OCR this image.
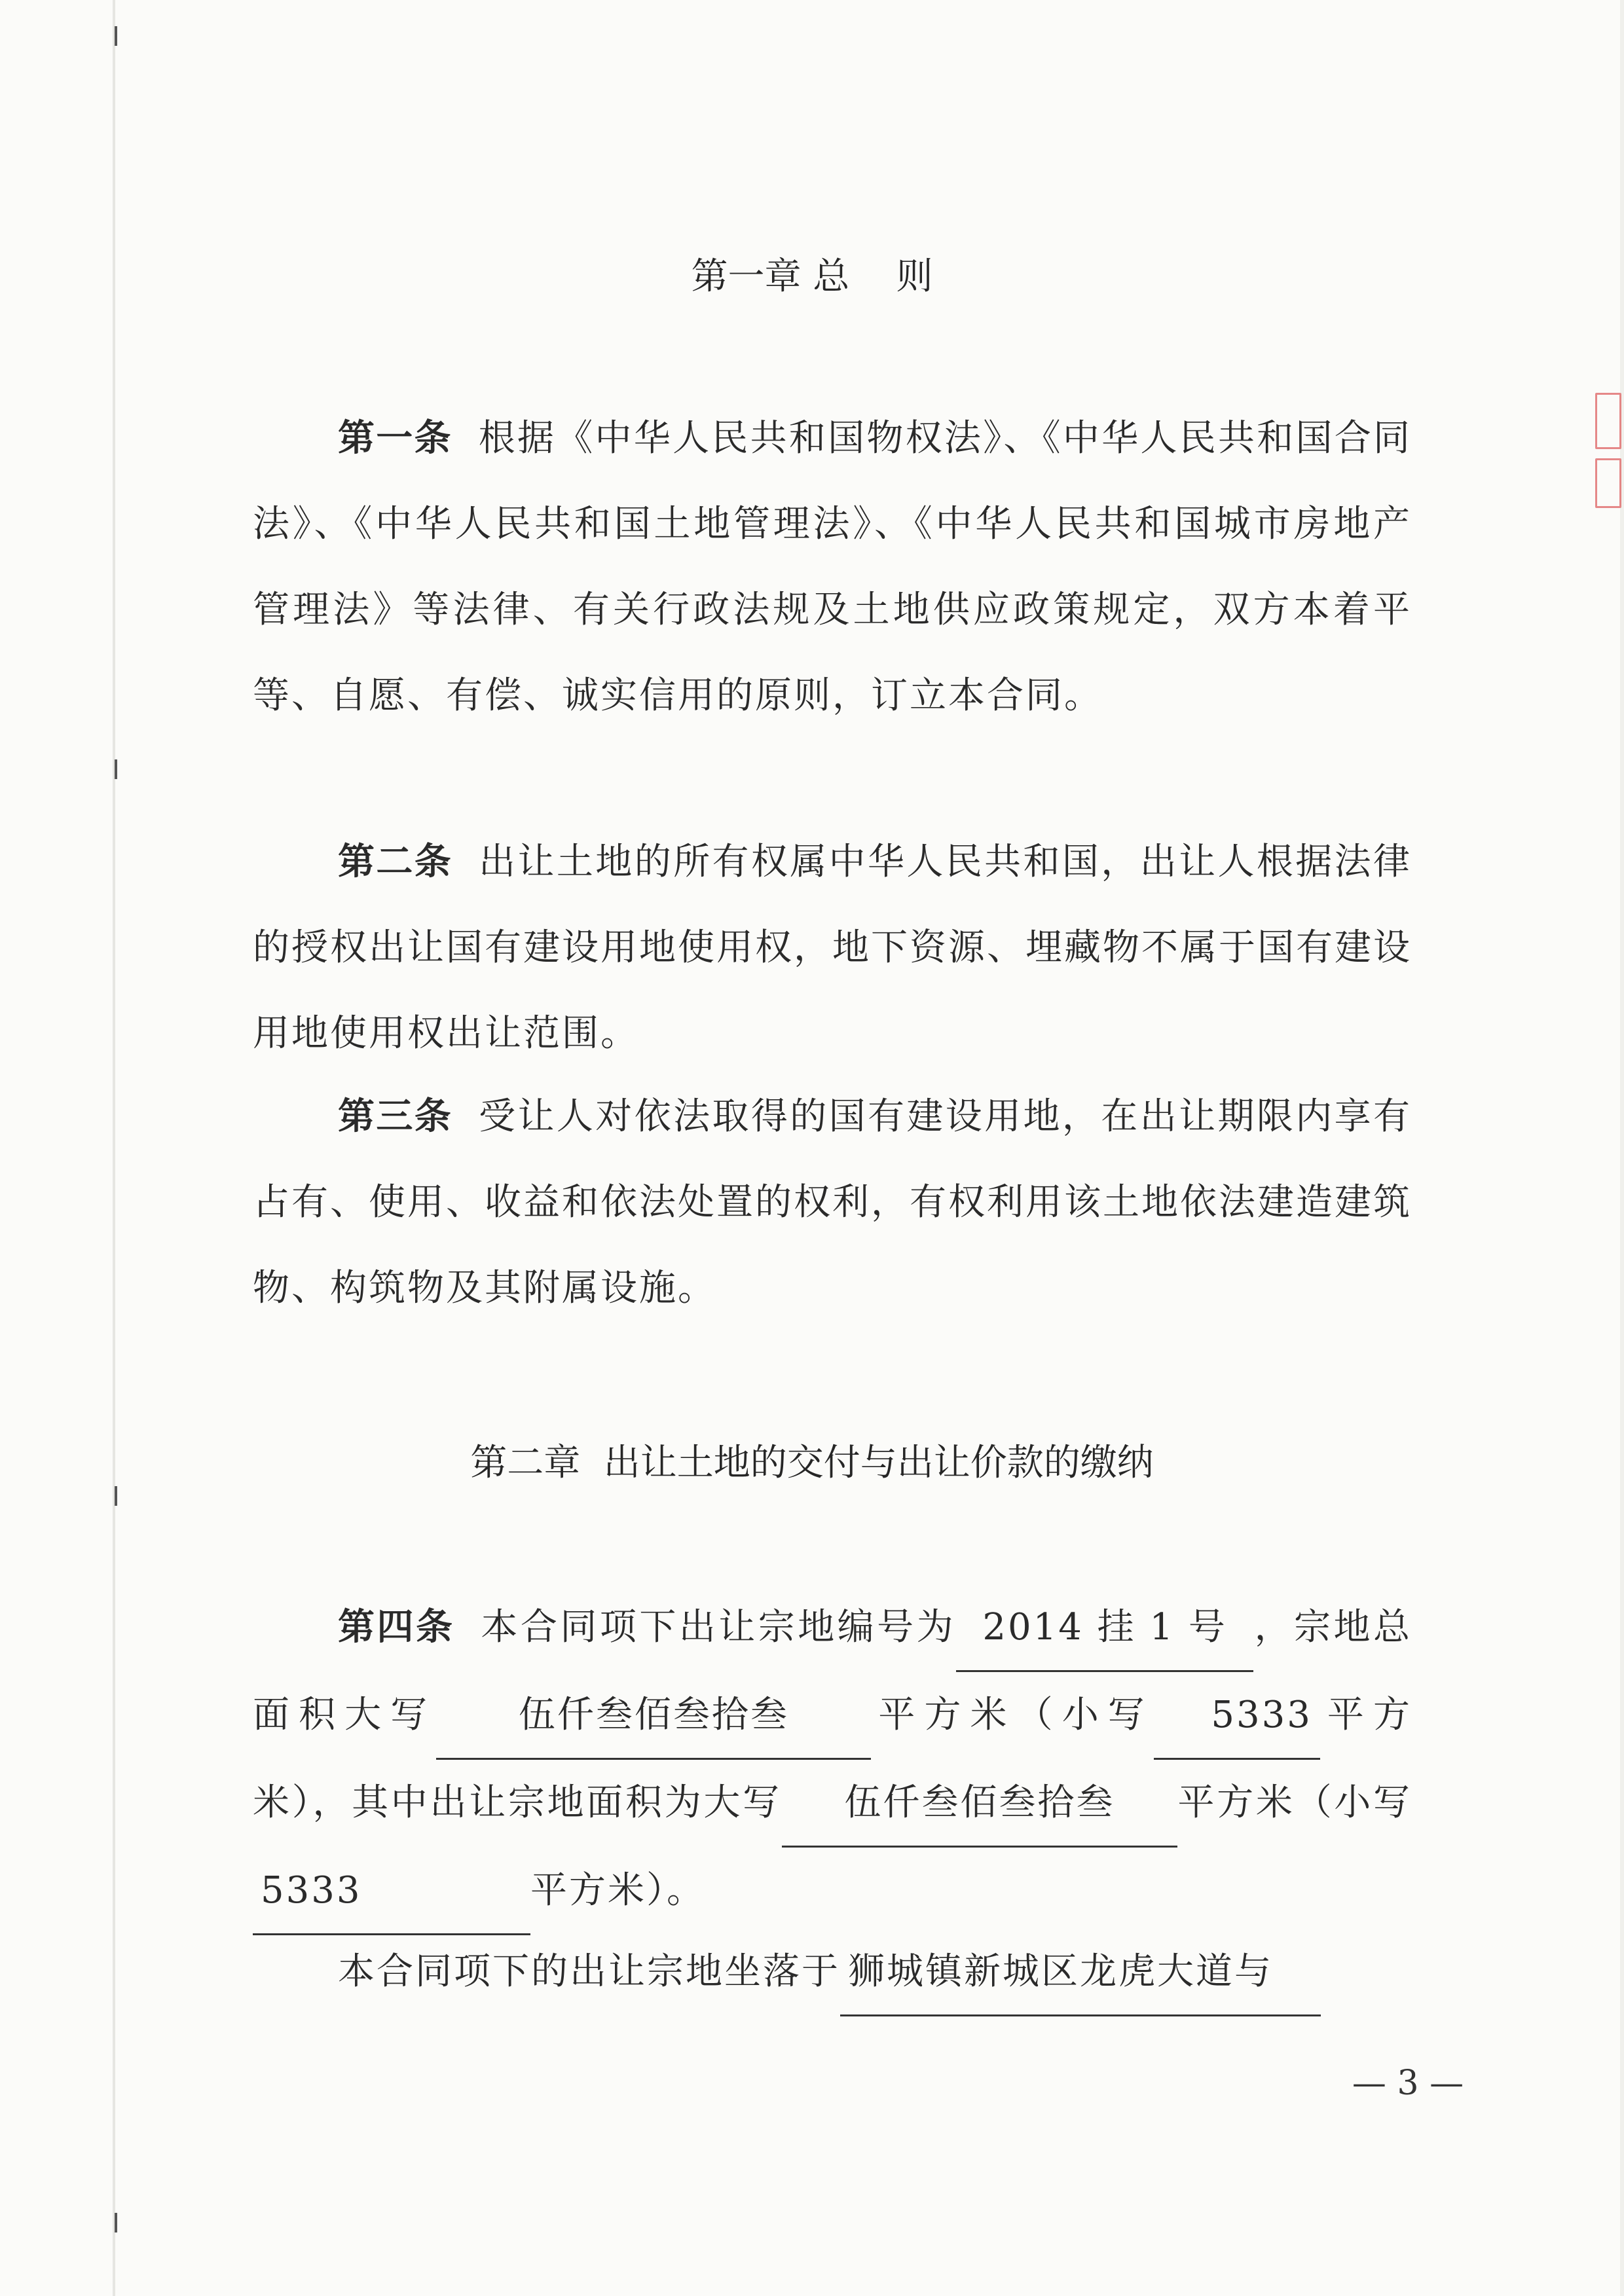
第一章 总    则
第一条 根据《中华人民共和国物权法》、《中华人民共和国合同法》、《中华人民共和国土地管理法》、《中华人民共和国城市房地产管理法》等法律、有关行政法规及土地供应政策规定，双方本着平等、自愿、有偿、诚实信用的原则，订立本合同。
第二条 出让土地的所有权属中华人民共和国，出让人根据法律的授权出让国有建设用地使用权，地下资源、埋藏物不属于国有建设用地使用权出让范围。
第三条 受让人对依法取得的国有建设用地，在出让期限内享有占有、使用、收益和依法处置的权利，有权利用该土地依法建造建筑物、构筑物及其附属设施。
第二章  出让土地的交付与出让价款的缴纳
第四条 本合同项下出让宗地编号为 2014 挂 1 号 ，宗地总面积大写 伍仟叁佰叁拾叁 平方米（小写 5333 平方米），其中出让宗地面积为大写 伍仟叁佰叁拾叁 平方米（小写5333	平方米）。
本合同项下的出让宗地坐落于 狮城镇新城区龙虎大道与
— 3 —
